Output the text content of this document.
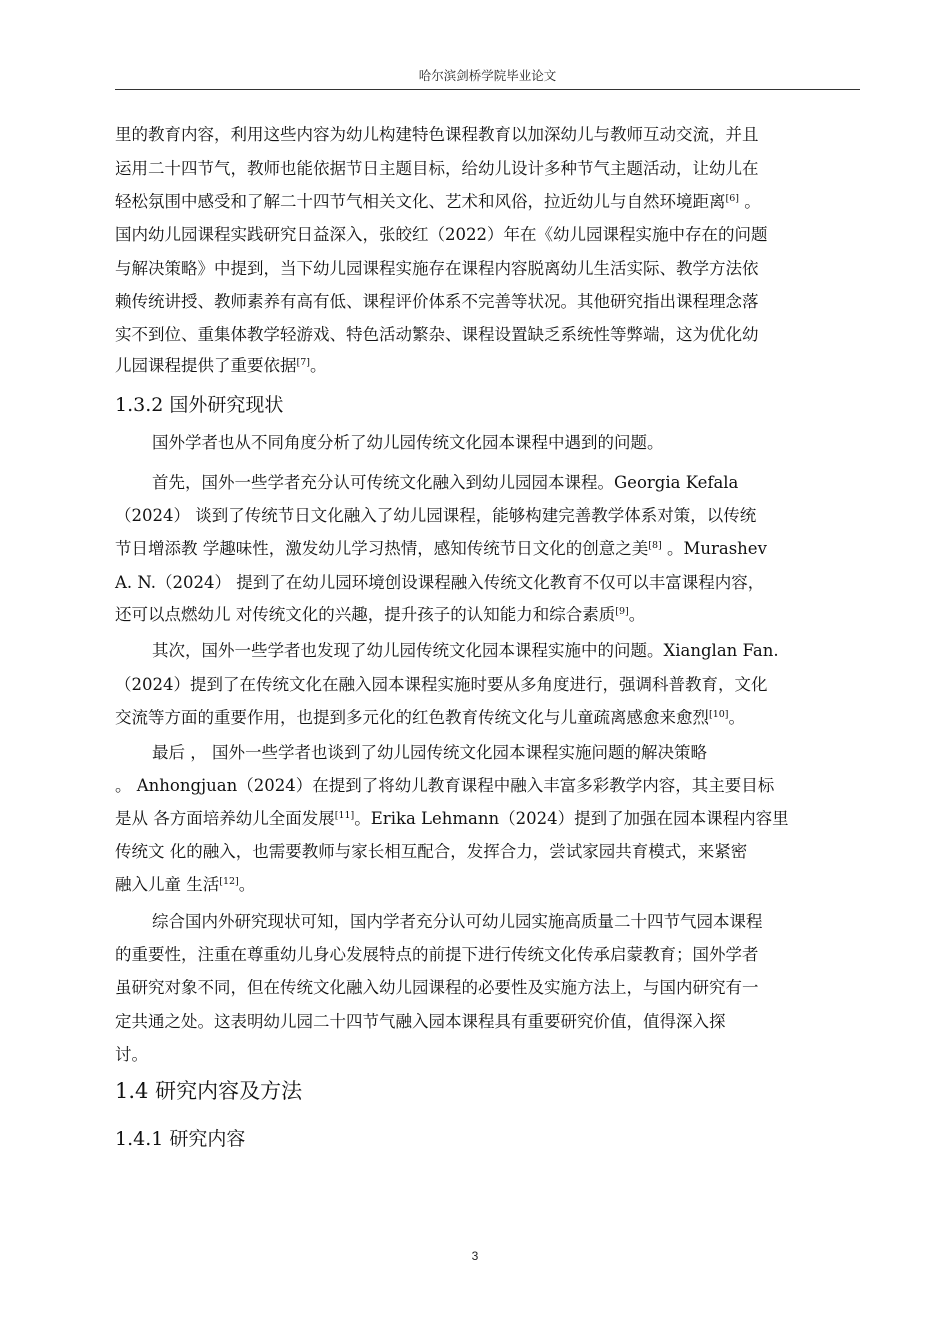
哈尔滨剑桥学院毕业论文
里的教育内容，利用这些内容为幼儿构建特色课程教育以加深幼儿与教师互动交流，并且
运用二十四节气，教师也能依据节日主题目标，给幼儿设计多种节气主题活动，让幼儿在
轻松氛围中感受和了解二十四节气相关文化、艺术和风俗，拉近幼儿与自然环境距离[6] 。
国内幼儿园课程实践研究日益深入，张皎红（2022）年在《幼儿园课程实施中存在的问题
与解决策略》中提到，当下幼儿园课程实施存在课程内容脱离幼儿生活实际、教学方法依
赖传统讲授、教师素养有高有低、课程评价体系不完善等状况。其他研究指出课程理念落
实不到位、重集体教学轻游戏、特色活动繁杂、课程设置缺乏系统性等弊端，这为优化幼
儿园课程提供了重要依据[7]。
1.3.2 国外研究现状
国外学者也从不同角度分析了幼儿园传统文化园本课程中遇到的问题。
首先，国外一些学者充分认可传统文化融入到幼儿园园本课程。Georgia Kefala
（2024） 谈到了传统节日文化融入了幼儿园课程，能够构建完善教学体系对策，以传统
节日增添教 学趣味性，激发幼儿学习热情，感知传统节日文化的创意之美[8] 。Murashev
A. N.（2024） 提到了在幼儿园环境创设课程融入传统文化教育不仅可以丰富课程内容，
还可以点燃幼儿 对传统文化的兴趣，提升孩子的认知能力和综合素质[9]。
其次，国外一些学者也发现了幼儿园传统文化园本课程实施中的问题。Xianglan Fan.
（2024）提到了在传统文化在融入园本课程实施时要从多角度进行，强调科普教育，文化
交流等方面的重要作用，也提到多元化的红色教育传统文化与儿童疏离感愈来愈烈[10]。
最后 ， 国外一些学者也谈到了幼儿园传统文化园本课程实施问题的解决策略
。 Anhongjuan（2024）在提到了将幼儿教育课程中融入丰富多彩教学内容，其主要目标
是从 各方面培养幼儿全面发展[11]。Erika Lehmann（2024）提到了加强在园本课程内容里
传统文 化的融入，也需要教师与家长相互配合，发挥合力，尝试家园共育模式，来紧密
融入儿童 生活[12]。
综合国内外研究现状可知，国内学者充分认可幼儿园实施高质量二十四节气园本课程
的重要性，注重在尊重幼儿身心发展特点的前提下进行传统文化传承启蒙教育；国外学者
虽研究对象不同，但在传统文化融入幼儿园课程的必要性及实施方法上，与国内研究有一
定共通之处。这表明幼儿园二十四节气融入园本课程具有重要研究价值，值得深入探
讨。
1.4 研究内容及方法
1.4.1 研究内容
3
